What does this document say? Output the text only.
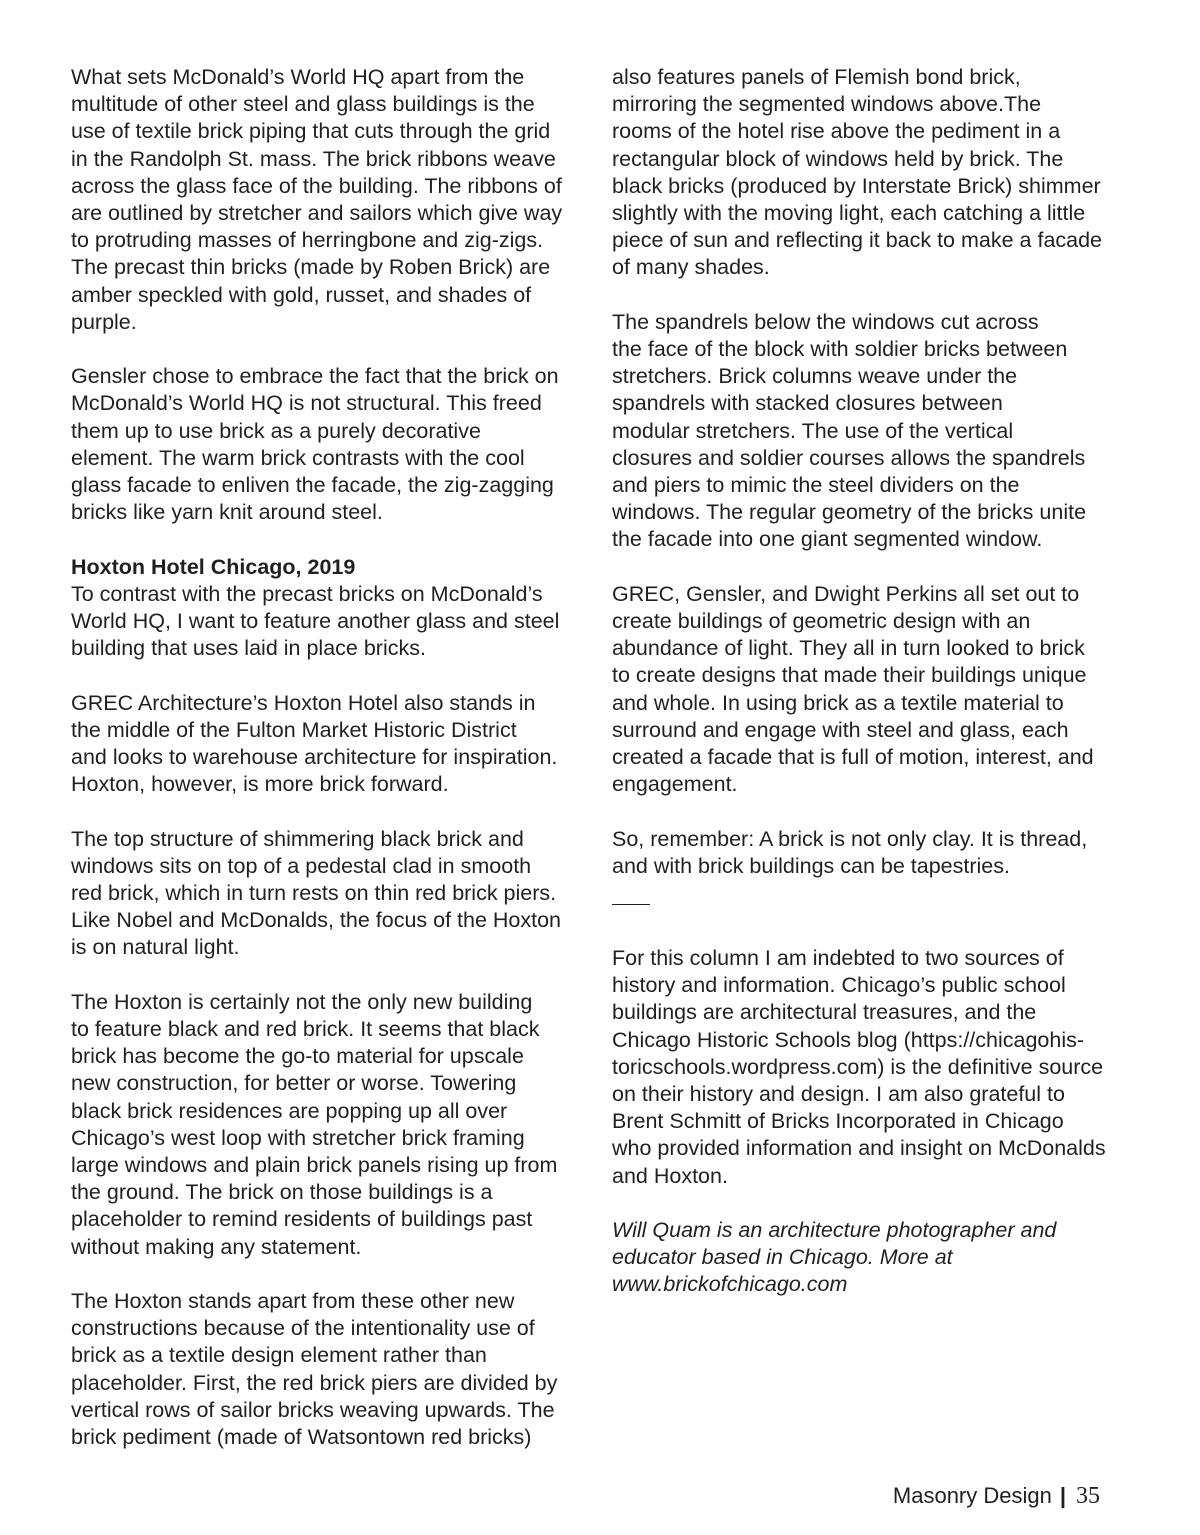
What sets McDonald’s World HQ apart from the
multitude of other steel and glass buildings is the
use of textile brick piping that cuts through the grid
in the Randolph St. mass. The brick ribbons weave
across the glass face of the building. The ribbons of
are outlined by stretcher and sailors which give way
to protruding masses of herringbone and zig-zigs.
The precast thin bricks (made by Roben Brick) are
amber speckled with gold, russet, and shades of
purple.

Gensler chose to embrace the fact that the brick on
McDonald’s World HQ is not structural. This freed
them up to use brick as a purely decorative
element. The warm brick contrasts with the cool
glass facade to enliven the facade, the zig-zagging
bricks like yarn knit around steel.

Hoxton Hotel Chicago, 2019

To contrast with the precast bricks on McDonald’s
World HQ, I want to feature another glass and steel
building that uses laid in place bricks.

GREC Architecture’s Hoxton Hotel also stands in
the middle of the Fulton Market Historic District
and looks to warehouse architecture for inspiration.
Hoxton, however, is more brick forward.

The top structure of shimmering black brick and
windows sits on top of a pedestal clad in smooth
red brick, which in turn rests on thin red brick piers.
Like Nobel and McDonalds, the focus of the Hoxton
is on natural light.

The Hoxton is certainly not the only new building
to feature black and red brick. It seems that black
brick has become the go-to material for upscale
new construction, for better or worse. Towering
black brick residences are popping up all over
Chicago’s west loop with stretcher brick framing
large windows and plain brick panels rising up from
the ground. The brick on those buildings is a
placeholder to remind residents of buildings past
without making any statement.

The Hoxton stands apart from these other new
constructions because of the intentionality use of
brick as a textile design element rather than
placeholder. First, the red brick piers are divided by
vertical rows of sailor bricks weaving upwards. The
brick pediment (made of Watsontown red bricks)

also features panels of Flemish bond brick,
mirroring the segmented windows above.The
rooms of the hotel rise above the pediment in a
rectangular block of windows held by brick. The
black bricks (produced by Interstate Brick) shimmer
slightly with the moving light, each catching a little
piece of sun and reflecting it back to make a facade
of many shades.

The spandrels below the windows cut across
the face of the block with soldier bricks between
stretchers. Brick columns weave under the
spandrels with stacked closures between
modular stretchers. The use of the vertical
closures and soldier courses allows the spandrels
and piers to mimic the steel dividers on the
windows. The regular geometry of the bricks unite
the facade into one giant segmented window.

GREC, Gensler, and Dwight Perkins all set out to
create buildings of geometric design with an
abundance of light. They all in turn looked to brick
to create designs that made their buildings unique
and whole. In using brick as a textile material to
surround and engage with steel and glass, each
created a facade that is full of motion, interest, and
engagement.

So, remember: A brick is not only clay. It is thread,
and with brick buildings can be tapestries.

For this column I am indebted to two sources of
history and information. Chicago’s public school
buildings are architectural treasures, and the
Chicago Historic Schools blog (https://chicagohis-
toricschools.wordpress.com) is the definitive source
on their history and design. I am also grateful to
Brent Schmitt of Bricks Incorporated in Chicago
who provided information and insight on McDonalds
and Hoxton.

Will Quam is an architecture photographer and
educator based in Chicago. More at
www.brickofchicago.com

Masonry Design | 35
